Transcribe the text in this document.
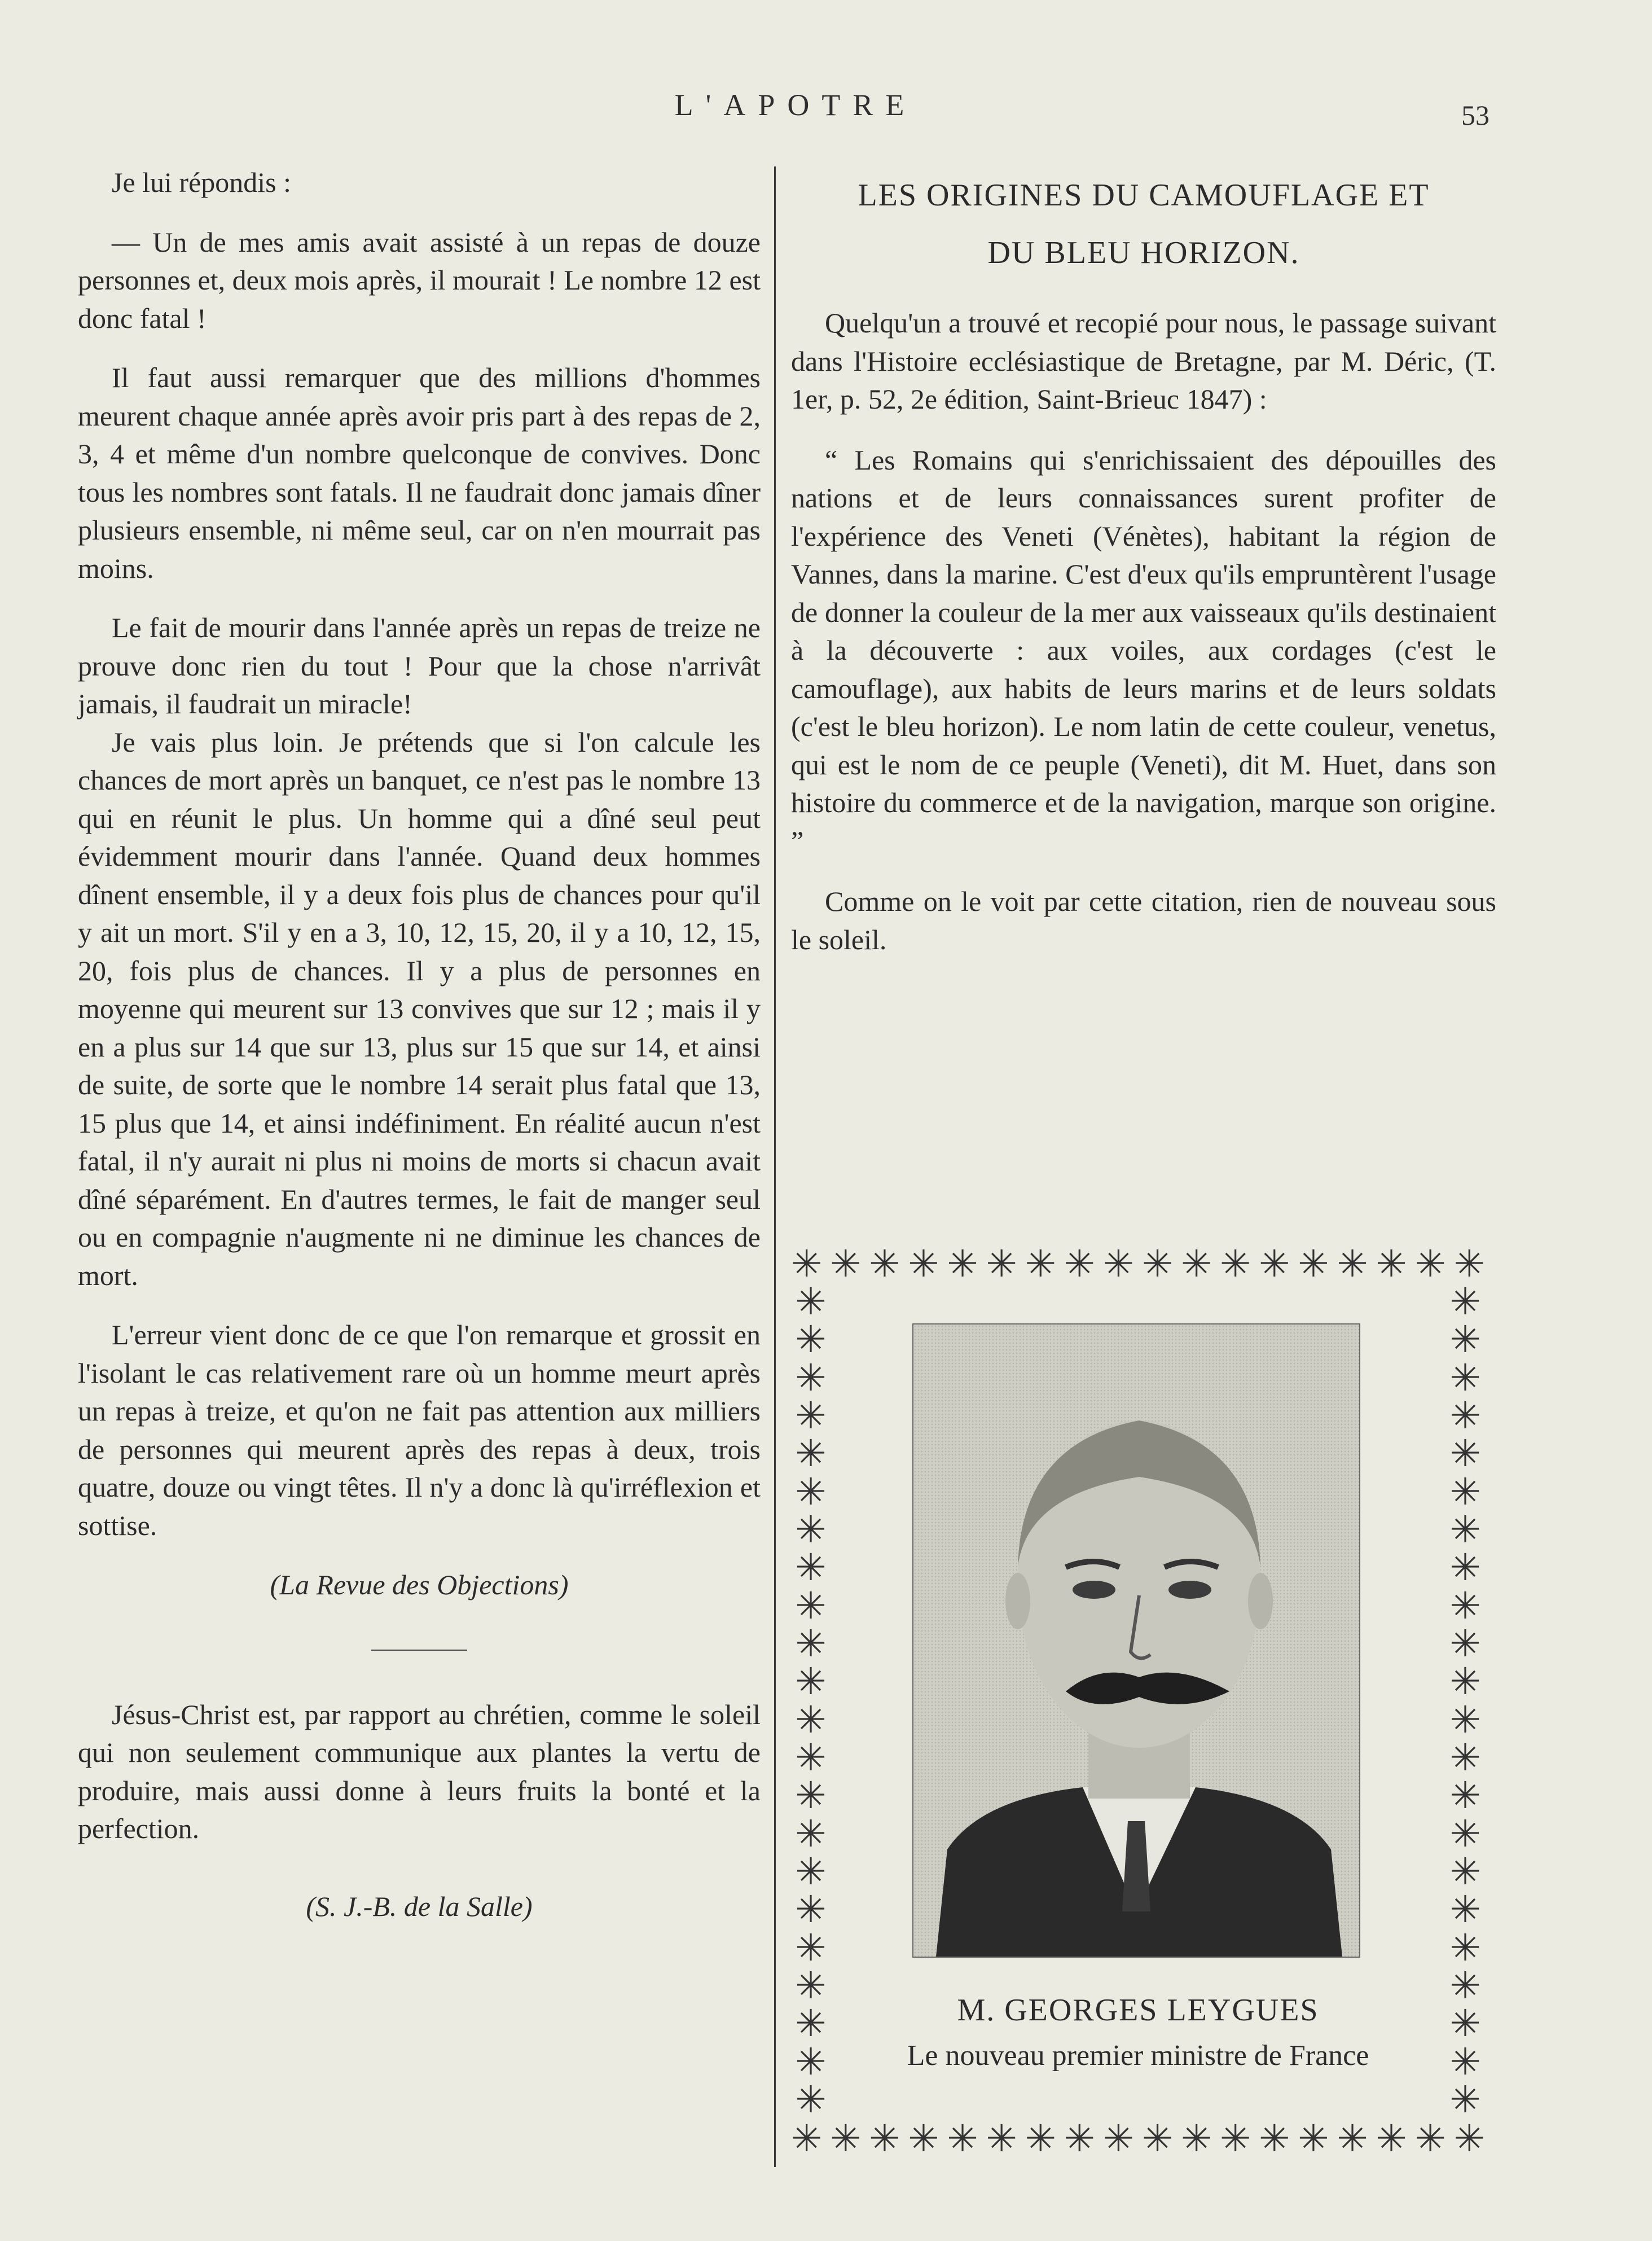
L'APOTRE	53

Je lui répondis :

— Un de mes amis avait assisté à un repas de douze personnes et, deux mois après, il mourait ! Le nombre 12 est donc fatal !

Il faut aussi remarquer que des millions d'hommes meurent chaque année après avoir pris part à des repas de 2, 3, 4 et même d'un nombre quelconque de convives. Donc tous les nombres sont fatals. Il ne faudrait donc jamais dîner plusieurs ensemble, ni même seul, car on n'en mourrait pas moins.

Le fait de mourir dans l'année après un repas de treize ne prouve donc rien du tout ! Pour que la chose n'arrivât jamais, il faudrait un miracle!

Je vais plus loin. Je prétends que si l'on calcule les chances de mort après un banquet, ce n'est pas le nombre 13 qui en réunit le plus. Un homme qui a dîné seul peut évidemment mourir dans l'année. Quand deux hommes dînent ensemble, il y a deux fois plus de chances pour qu'il y ait un mort. S'il y en a 3, 10, 12, 15, 20, il y a 10, 12, 15, 20, fois plus de chances. Il y a plus de personnes en moyenne qui meurent sur 13 convives que sur 12 ; mais il y en a plus sur 14 que sur 13, plus sur 15 que sur 14, et ainsi de suite, de sorte que le nombre 14 serait plus fatal que 13, 15 plus que 14, et ainsi indéfiniment. En réalité aucun n'est fatal, il n'y aurait ni plus ni moins de morts si chacun avait dîné séparément. En d'autres termes, le fait de manger seul ou en compagnie n'augmente ni ne diminue les chances de mort.

L'erreur vient donc de ce que l'on remarque et grossit en l'isolant le cas relativement rare où un homme meurt après un repas à treize, et qu'on ne fait pas attention aux milliers de personnes qui meurent après des repas à deux, trois quatre, douze ou vingt têtes. Il n'y a donc là qu'irréflexion et sottise.

(La Revue des Objections)

Jésus-Christ est, par rapport au chrétien, comme le soleil qui non seulement communique aux plantes la vertu de produire, mais aussi donne à leurs fruits la bonté et la perfection.

(S. J.-B. de la Salle)
LES ORIGINES DU CAMOUFLAGE ET
DU BLEU HORIZON.

Quelqu'un a trouvé et recopié pour nous, le passage suivant dans l'Histoire ecclésiastique de Bretagne, par M. Déric, (T. 1er, p. 52, 2e édition, Saint-Brieuc 1847) :

“ Les Romains qui s'enrichissaient des dépouilles des nations et de leurs connaissances surent profiter de l'expérience des Veneti (Vénètes), habitant la région de Vannes, dans la marine. C'est d'eux qu'ils empruntèrent l'usage de donner la couleur de la mer aux vaisseaux qu'ils destinaient à la découverte : aux voiles, aux cordages (c'est le camouflage), aux habits de leurs marins et de leurs soldats (c'est le bleu horizon). Le nom latin de cette couleur, venetus, qui est le nom de ce peuple (Veneti), dit M. Huet, dans son histoire du commerce et de la navigation, marque son origine. ”

Comme on le voit par cette citation, rien de nouveau sous le soleil.

✳ ✳ ✳ ✳ ✳ ✳ ✳ ✳ ✳ ✳ ✳ ✳ ✳ ✳ ✳ ✳ ✳ ✳
✳
✳
✳
✳
✳
✳
✳
✳
✳
✳
✳
✳
✳
✳
✳
✳
✳
✳
✳
✳
✳
✳
✳
✳
✳
✳
✳
✳
✳
✳
✳
✳
✳
✳
✳
✳
✳
✳
✳
✳
✳
✳
✳
✳
✳ ✳ ✳ ✳ ✳ ✳ ✳ ✳ ✳ ✳ ✳ ✳ ✳ ✳ ✳ ✳ ✳ ✳
M. GEORGES LEYGUES
Le nouveau premier ministre de France
